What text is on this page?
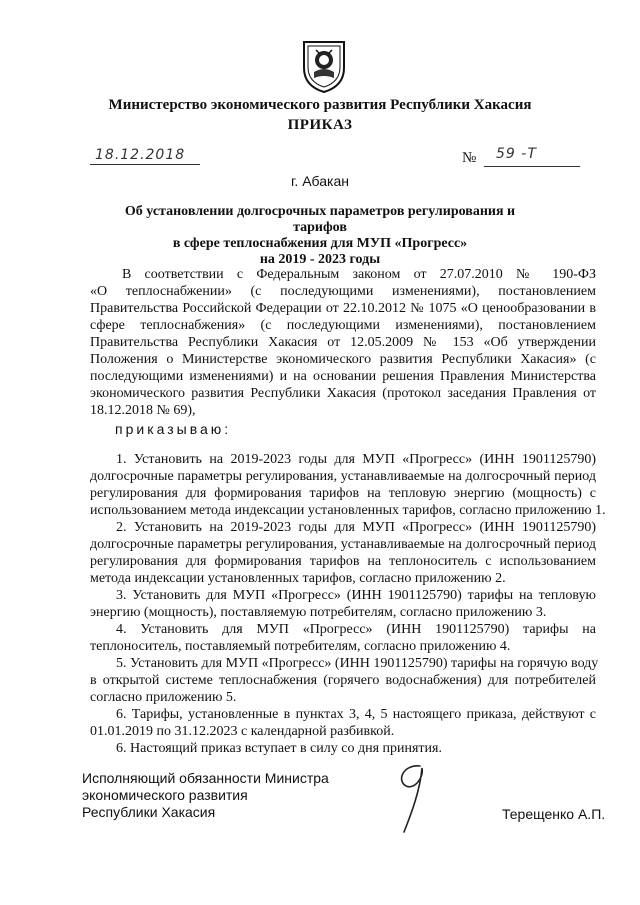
Министерство экономического развития Республики Хакасия
ПРИКАЗ
18.12.2018	№ 59 -Т
г. Абакан
Об установлении долгосрочных параметров регулирования и тарифов
в сфере теплоснабжения для МУП «Прогресс»
на 2019 - 2023 годы
В соответствии с Федеральным законом от 27.07.2010 № 190-ФЗ
«О теплоснабжении» (с последующими изменениями), постановлением
Правительства Российской Федерации от 22.10.2012 № 1075 «О ценообразовании в
сфере теплоснабжения» (с последующими изменениями), постановлением
Правительства Республики Хакасия от 12.05.2009 № 153 «Об утверждении
Положения о Министерстве экономического развития Республики Хакасия» (с
последующими изменениями) и на основании решения Правления Министерства
экономического развития Республики Хакасия (протокол заседания Правления от
18.12.2018 № 69),
приказываю:
1. Установить на 2019-2023 годы для МУП «Прогресс» (ИНН 1901125790)
долгосрочные параметры регулирования, устанавливаемые на долгосрочный период
регулирования для формирования тарифов на тепловую энергию (мощность) с
использованием метода индексации установленных тарифов, согласно приложению 1.
2. Установить на 2019-2023 годы для МУП «Прогресс» (ИНН 1901125790)
долгосрочные параметры регулирования, устанавливаемые на долгосрочный период
регулирования для формирования тарифов на теплоноситель с использованием
метода индексации установленных тарифов, согласно приложению 2.
3. Установить для МУП «Прогресс» (ИНН 1901125790) тарифы на тепловую
энергию (мощность), поставляемую потребителям, согласно приложению 3.
4. Установить для МУП «Прогресс» (ИНН 1901125790) тарифы на
теплоноситель, поставляемый потребителям, согласно приложению 4.
5. Установить для МУП «Прогресс» (ИНН 1901125790) тарифы на горячую воду
в открытой системе теплоснабжения (горячего водоснабжения) для потребителей
согласно приложению 5.
6. Тарифы, установленные в пунктах 3, 4, 5 настоящего приказа, действуют с
01.01.2019 по 31.12.2023 с календарной разбивкой.
6. Настоящий приказ вступает в силу со дня принятия.
Исполняющий обязанности Министра
экономического развития
Республики Хакасия	Терещенко А.П.
